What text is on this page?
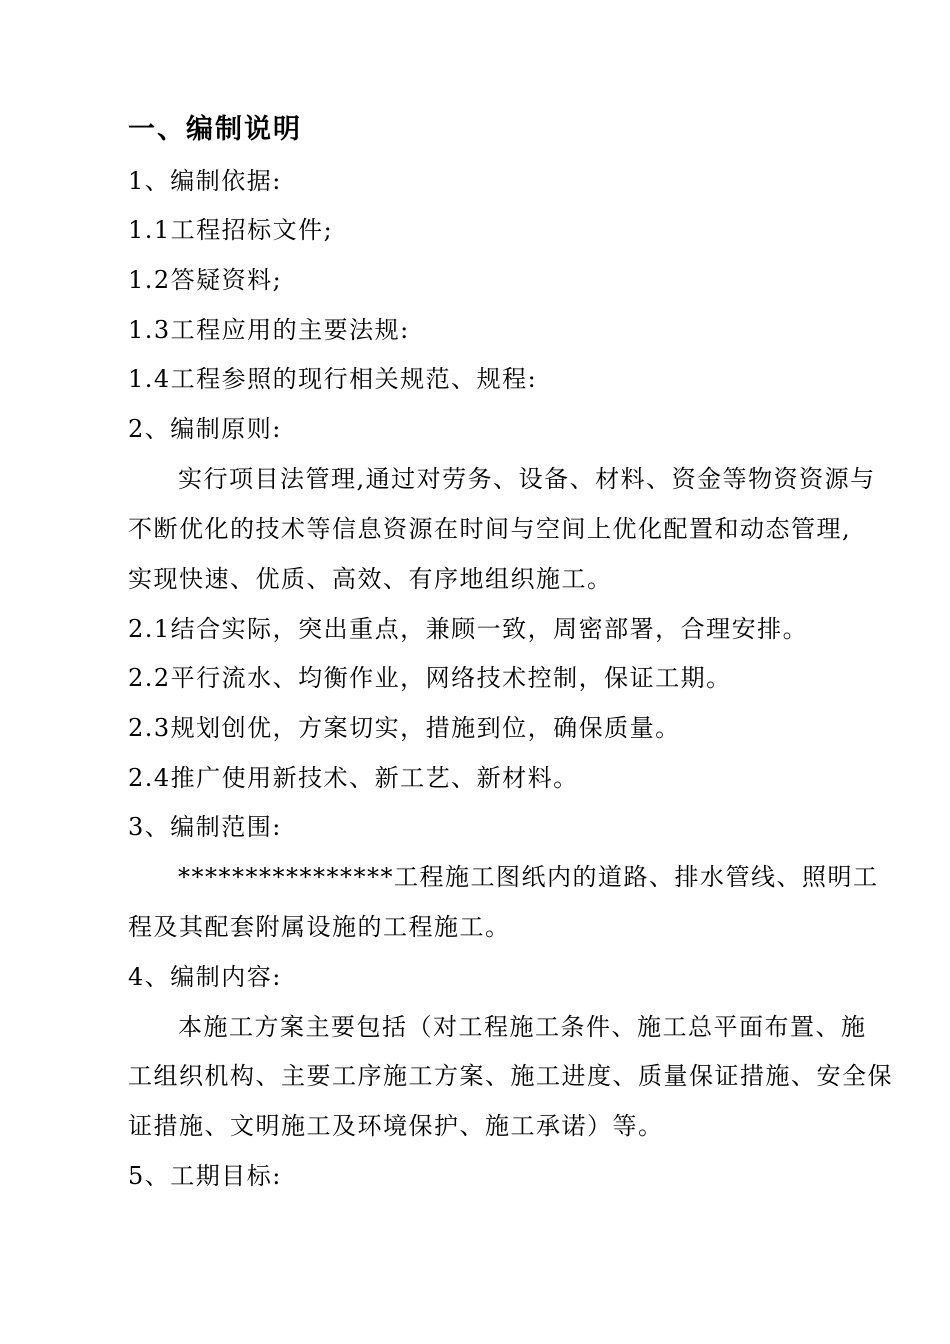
一、编制说明
1、编制依据:
1.1工程招标文件;
1.2答疑资料;
1.3工程应用的主要法规:
1.4工程参照的现行相关规范、规程:
2、编制原则:
实行项目法管理,通过对劳务、设备、材料、资金等物资资源与
不断优化的技术等信息资源在时间与空间上优化配置和动态管理,
实现快速、优质、高效、有序地组织施工。
2.1结合实际，突出重点，兼顾一致，周密部署，合理安排。
2.2平行流水、均衡作业，网络技术控制，保证工期。
2.3规划创优，方案切实，措施到位，确保质量。
2.4推广使用新技术、新工艺、新材料。
3、编制范围:
****************工程施工图纸内的道路、排水管线、照明工
程及其配套附属设施的工程施工。
4、编制内容:
本施工方案主要包括（对工程施工条件、施工总平面布置、施
工组织机构、主要工序施工方案、施工进度、质量保证措施、安全保
证措施、文明施工及环境保护、施工承诺）等。
5、工期目标:
